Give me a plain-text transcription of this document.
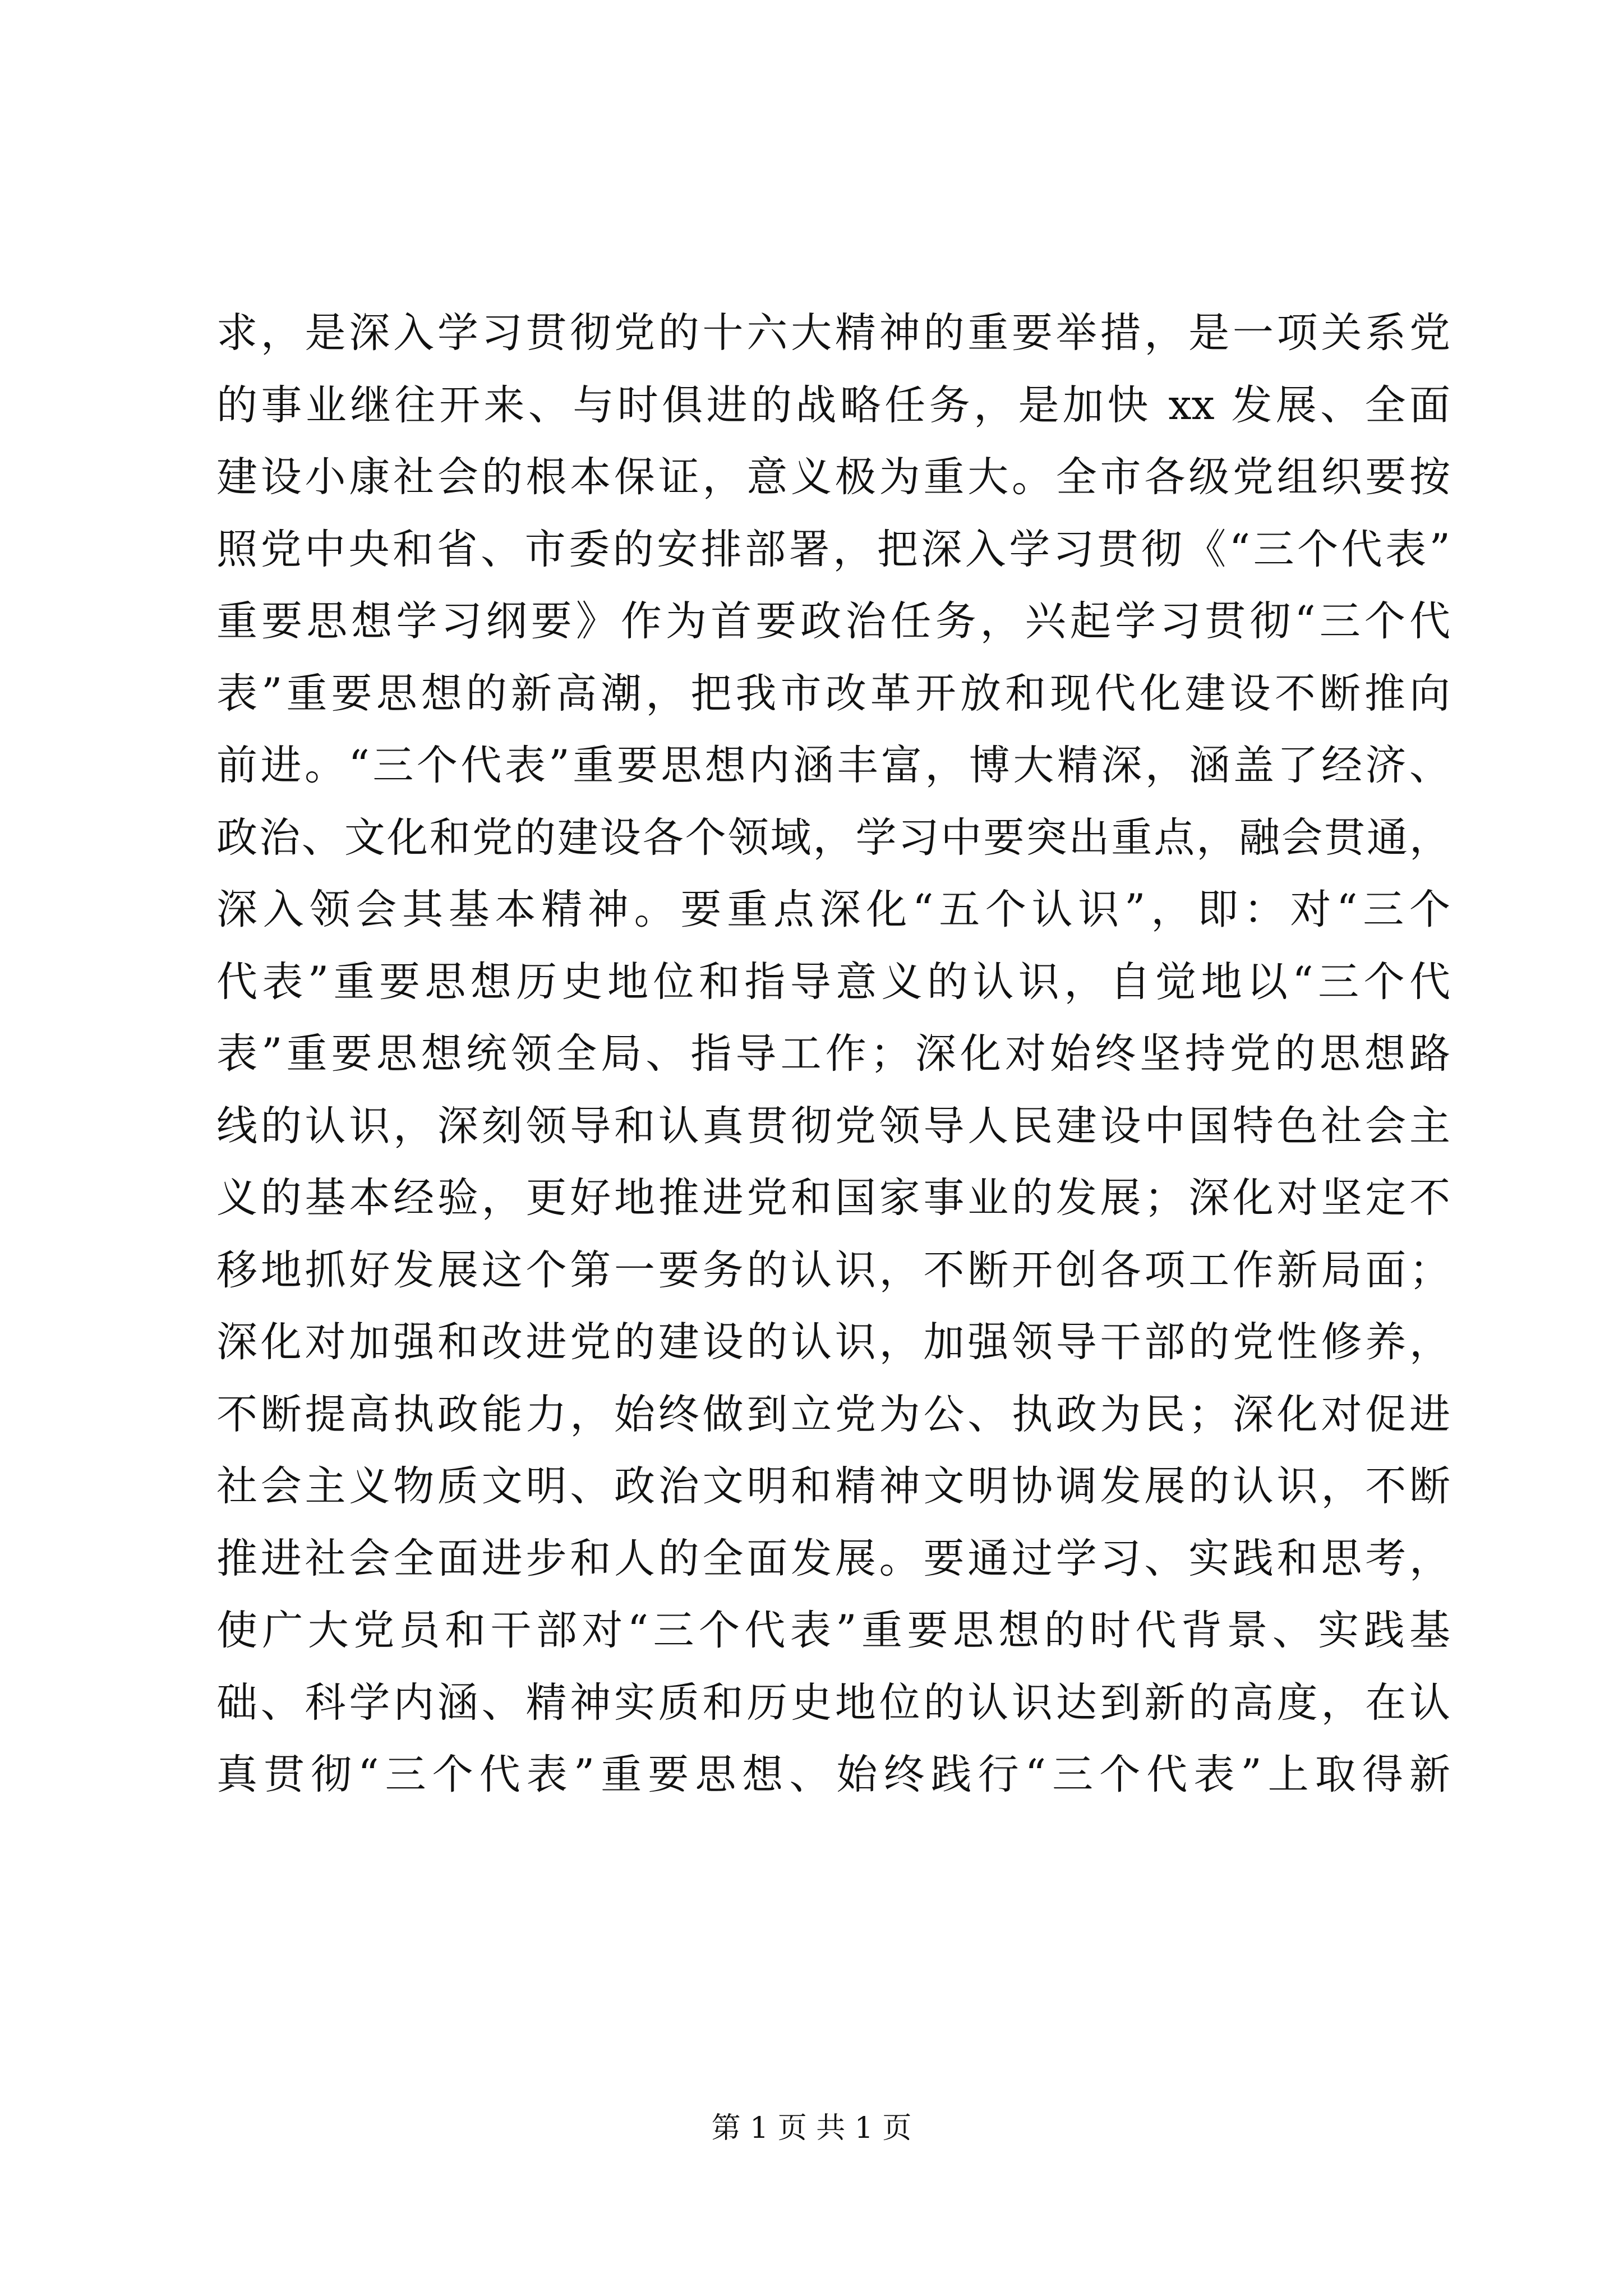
求，是深入学习贯彻党的十六大精神的重要举措，是一项关系党
的事业继往开来、与时俱进的战略任务，是加快 xx 发展、全面
建设小康社会的根本保证，意义极为重大。全市各级党组织要按
照党中央和省、市委的安排部署，把深入学习贯彻《“三个代表”
重要思想学习纲要》作为首要政治任务，兴起学习贯彻“三个代
表”重要思想的新高潮，把我市改革开放和现代化建设不断推向
前进。“三个代表”重要思想内涵丰富，博大精深，涵盖了经济、
政治、文化和党的建设各个领域，学习中要突出重点，融会贯通，
深入领会其基本精神。要重点深化“五个认识”，即：对“三个
代表”重要思想历史地位和指导意义的认识，自觉地以“三个代
表”重要思想统领全局、指导工作；深化对始终坚持党的思想路
线的认识，深刻领导和认真贯彻党领导人民建设中国特色社会主
义的基本经验，更好地推进党和国家事业的发展；深化对坚定不
移地抓好发展这个第一要务的认识，不断开创各项工作新局面；
深化对加强和改进党的建设的认识，加强领导干部的党性修养，
不断提高执政能力，始终做到立党为公、执政为民；深化对促进
社会主义物质文明、政治文明和精神文明协调发展的认识，不断
推进社会全面进步和人的全面发展。要通过学习、实践和思考，
使广大党员和干部对“三个代表”重要思想的时代背景、实践基
础、科学内涵、精神实质和历史地位的认识达到新的高度，在认
真贯彻“三个代表”重要思想、始终践行“三个代表”上取得新
第 1 页 共 1 页
